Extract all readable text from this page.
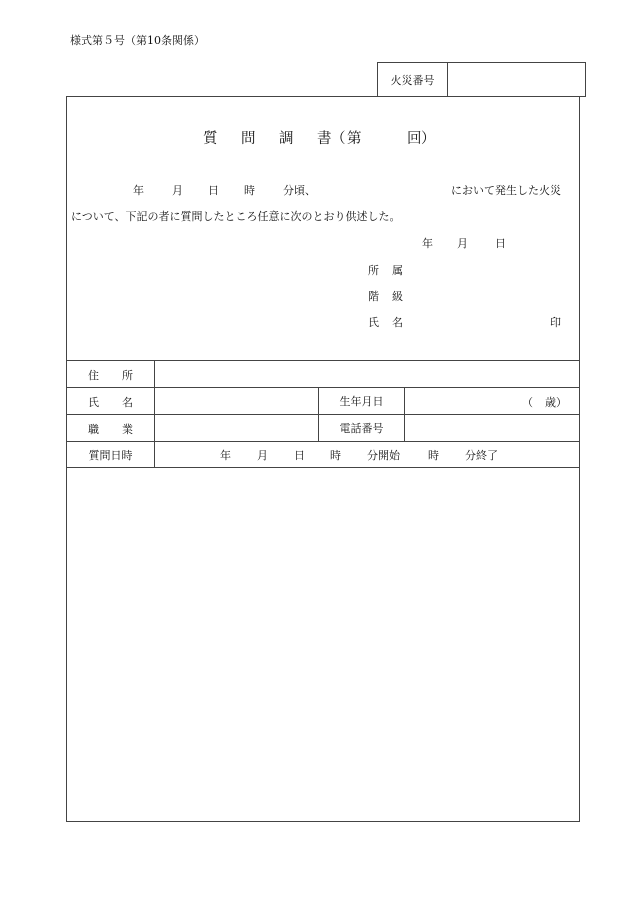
様式第５号（第10条関係）
火災番号
質 問 調 書 （ 第	回 ）
年	月 日 時	分頃、	において発生した火災
について、下記の者に質問したところ任意に次のとおり供述した。
年 月 日
所 属
階 級
氏 名	印
住 所
氏 名	生年月日	（ 歳）
職 業	電話番号
質問日時	年 月 日 時 分開始	時 分終了
